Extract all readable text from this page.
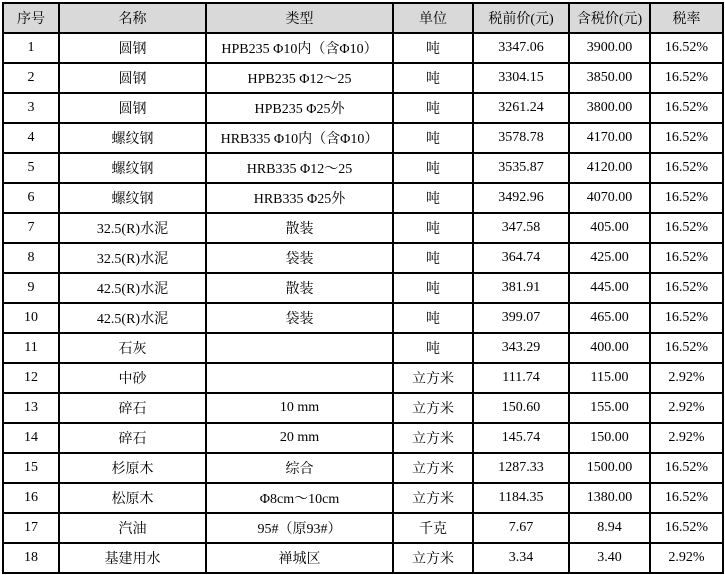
序号	名称	类型	单位	税前价(元)	含税价(元)	税率
1	圆钢	HPB235 Φ10内（含Φ10）	吨	3347.06	3900.00	16.52%
2	圆钢	HPB235 Φ12～25	吨	3304.15	3850.00	16.52%
3	圆钢	HPB235 Φ25外	吨	3261.24	3800.00	16.52%
4	螺纹钢	HRB335 Φ10内（含Φ10）	吨	3578.78	4170.00	16.52%
5	螺纹钢	HRB335 Φ12～25	吨	3535.87	4120.00	16.52%
6	螺纹钢	HRB335 Φ25外	吨	3492.96	4070.00	16.52%
7	32.5(R)水泥	散装	吨	347.58	405.00	16.52%
8	32.5(R)水泥	袋装	吨	364.74	425.00	16.52%
9	42.5(R)水泥	散装	吨	381.91	445.00	16.52%
10	42.5(R)水泥	袋装	吨	399.07	465.00	16.52%
11	石灰		吨	343.29	400.00	16.52%
12	中砂		立方米	111.74	115.00	2.92%
13	碎石	10 mm	立方米	150.60	155.00	2.92%
14	碎石	20 mm	立方米	145.74	150.00	2.92%
15	杉原木	综合	立方米	1287.33	1500.00	16.52%
16	松原木	Φ8cm～10cm	立方米	1184.35	1380.00	16.52%
17	汽油	95#（原93#）	千克	7.67	8.94	16.52%
18	基建用水	禅城区	立方米	3.34	3.40	2.92%
